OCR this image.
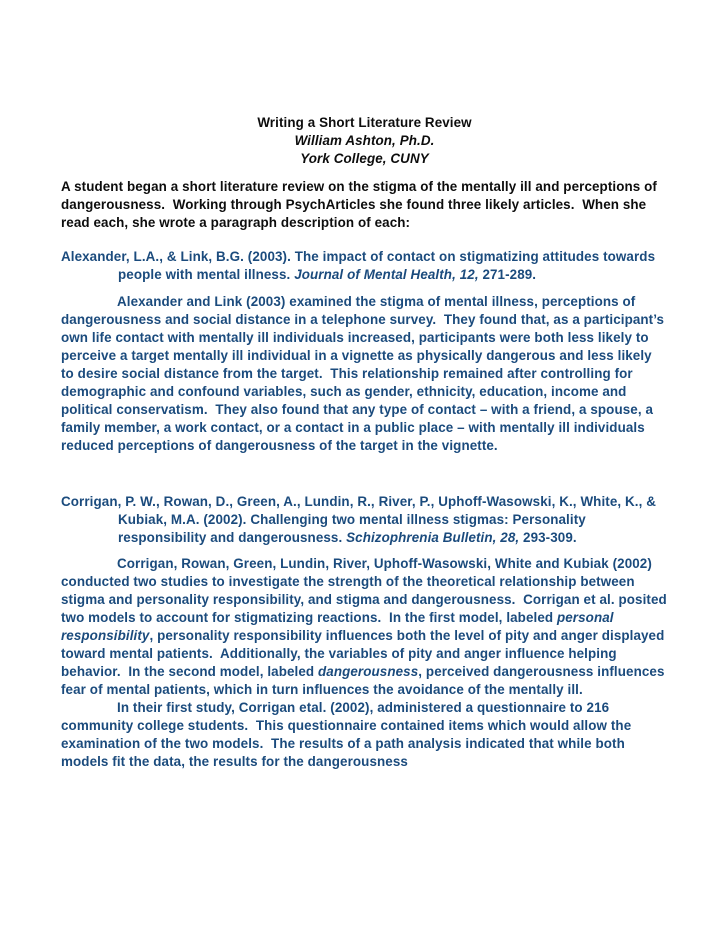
Writing a Short Literature Review
William Ashton, Ph.D.
York College, CUNY

A student began a short literature review on the stigma of the mentally ill and perceptions of dangerousness.  Working through PsychArticles she found three likely articles.  When she read each, she wrote a paragraph description of each:

Alexander, L.A., & Link, B.G. (2003). The impact of contact on stigmatizing attitudes towards people with mental illness. Journal of Mental Health, 12, 271-289.

Alexander and Link (2003) examined the stigma of mental illness, perceptions of dangerousness and social distance in a telephone survey.  They found that, as a participant’s own life contact with mentally ill individuals increased, participants were both less likely to perceive a target mentally ill individual in a vignette as physically dangerous and less likely to desire social distance from the target.  This relationship remained after controlling for demographic and confound variables, such as gender, ethnicity, education, income and political conservatism.  They also found that any type of contact – with a friend, a spouse, a family member, a work contact, or a contact in a public place – with mentally ill individuals reduced perceptions of dangerousness of the target in the vignette.

Corrigan, P. W., Rowan, D., Green, A., Lundin, R., River, P., Uphoff-Wasowski, K., White, K., & Kubiak, M.A. (2002). Challenging two mental illness stigmas: Personality responsibility and dangerousness. Schizophrenia Bulletin, 28, 293-309.

Corrigan, Rowan, Green, Lundin, River, Uphoff-Wasowski, White and Kubiak (2002) conducted two studies to investigate the strength of the theoretical relationship between stigma and personality responsibility, and stigma and dangerousness.  Corrigan et al. posited two models to account for stigmatizing reactions.  In the first model, labeled personal responsibility, personality responsibility influences both the level of pity and anger displayed toward mental patients.  Additionally, the variables of pity and anger influence helping behavior.  In the second model, labeled dangerousness, perceived dangerousness influences fear of mental patients, which in turn influences the avoidance of the mentally ill.

In their first study, Corrigan etal. (2002), administered a questionnaire to 216 community college students.  This questionnaire contained items which would allow the examination of the two models.  The results of a path analysis indicated that while both models fit the data, the results for the dangerousness
